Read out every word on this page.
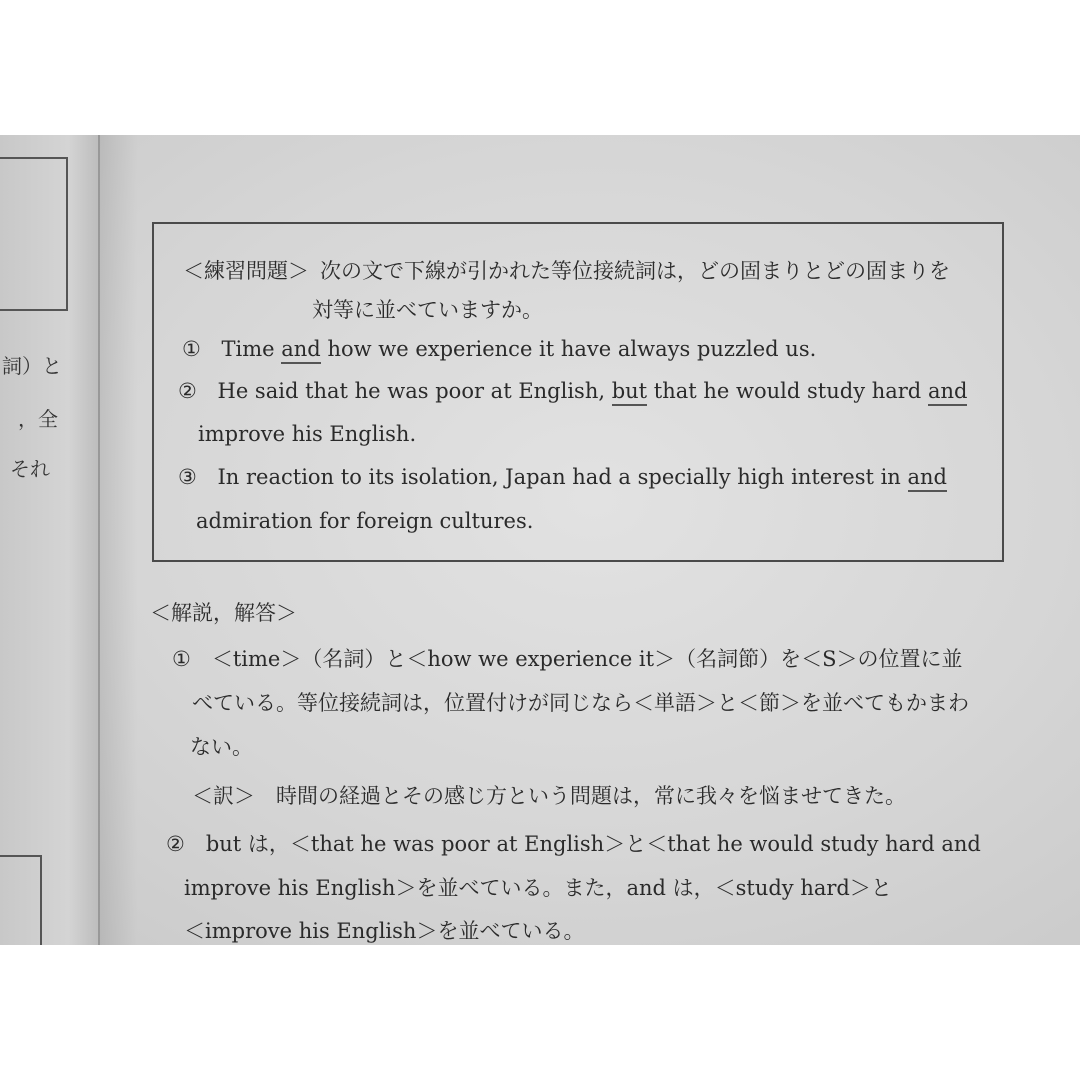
詞）と
，全
それ
＜練習問題＞ 次の文で下線が引かれた等位接続詞は，どの固まりとどの固まりを
対等に並べていますか。
① Time and how we experience it have always puzzled us.
② He said that he was poor at English, but that he would study hard and
improve his English.
③ In reaction to its isolation, Japan had a specially high interest in and
admiration for foreign cultures.
＜解説，解答＞
①　＜time＞（名詞）と＜how we experience it＞（名詞節）を＜S＞の位置に並
べている。等位接続詞は，位置付けが同じなら＜単語＞と＜節＞を並べてもかまわ
ない。
＜訳＞　時間の経過とその感じ方という問題は，常に我々を悩ませてきた。
②　but は，＜that he was poor at English＞と＜that he would study hard and
improve his English＞を並べている。また，and は，＜study hard＞と
＜improve his English＞を並べている。
